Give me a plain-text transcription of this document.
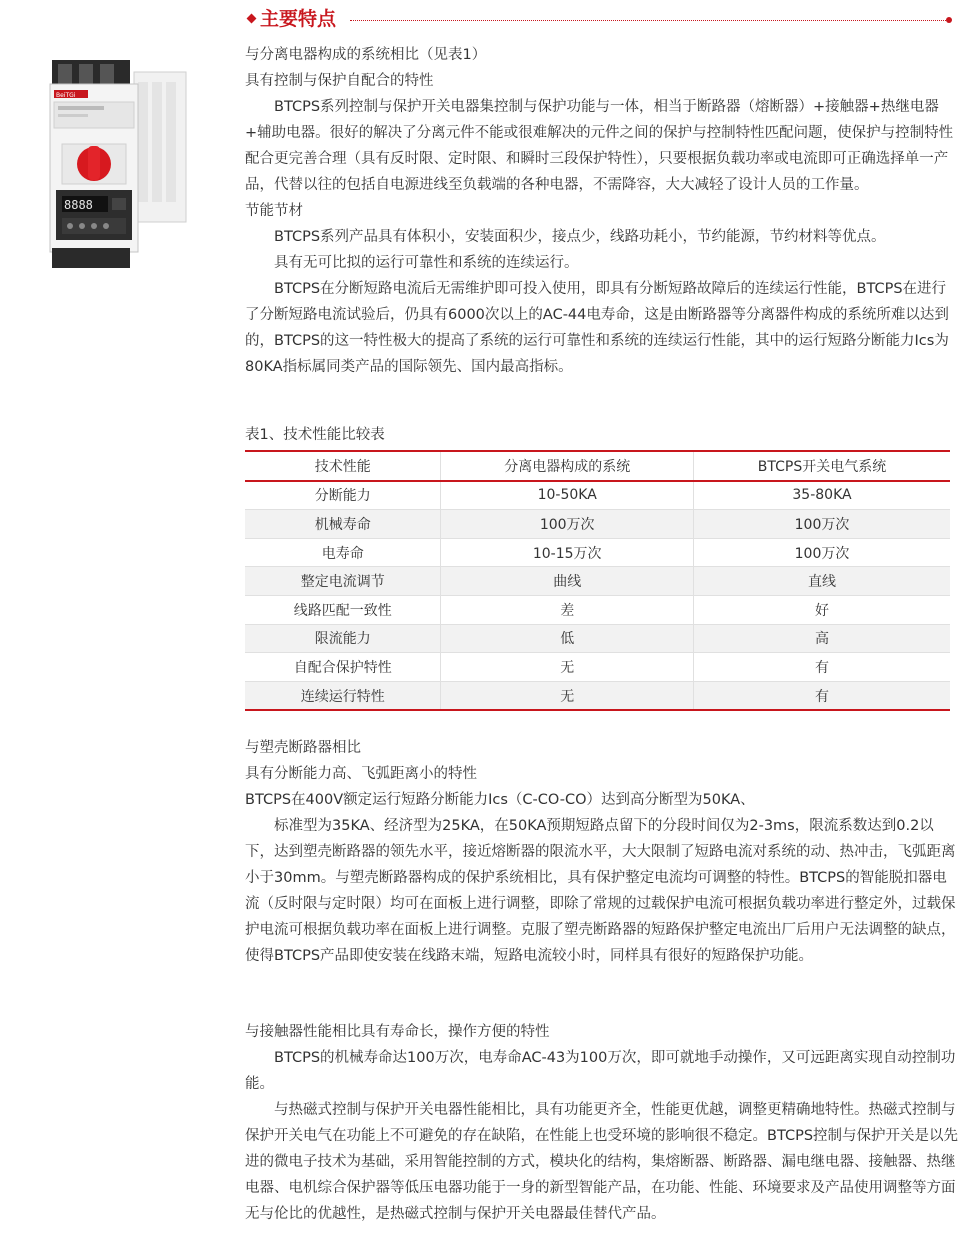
主要特点
BeiTGi
8888

与分离电器构成的系统相比（见表1）

具有控制与保护自配合的特性

BTCPS系列控制与保护开关电器集控制与保护功能与一体，相当于断路器（熔断器）+接触器+热继电器+辅助电器。很好的解决了分离元件不能或很难解决的元件之间的保护与控制特性匹配问题，使保护与控制特性配合更完善合理（具有反时限、定时限、和瞬时三段保护特性），只要根据负载功率或电流即可正确选择单一产品，代替以往的包括自电源进线至负载端的各种电器，不需降容，大大减轻了设计人员的工作量。

节能节材

BTCPS系列产品具有体积小，安装面积少，接点少，线路功耗小，节约能源，节约材料等优点。

具有无可比拟的运行可靠性和系统的连续运行。

BTCPS在分断短路电流后无需维护即可投入使用，即具有分断短路故障后的连续运行性能，BTCPS在进行了分断短路电流试验后，仍具有6000次以上的AC-44电寿命，这是由断路器等分离器件构成的系统所难以达到的，BTCPS的这一特性极大的提高了系统的运行可靠性和系统的连续运行性能，其中的运行短路分断能力Ics为80KA指标属同类产品的国际领先、国内最高指标。

表1、技术性能比较表
技术性能	分离电器构成的系统	BTCPS开关电气系统
分断能力	10-50KA	35-80KA
机械寿命	100万次	100万次
电寿命	10-15万次	100万次
整定电流调节	曲线	直线
线路匹配一致性	差	好
限流能力	低	高
自配合保护特性	无	有
连续运行特性	无	有

与塑壳断路器相比

具有分断能力高、飞弧距离小的特性

BTCPS在400V额定运行短路分断能力Ics（C-CO-CO）达到高分断型为50KA、

标准型为35KA、经济型为25KA，在50KA预期短路点留下的分段时间仅为2-3ms，限流系数达到0.2以下，达到塑壳断路器的领先水平，接近熔断器的限流水平，大大限制了短路电流对系统的动、热冲击，飞弧距离小于30mm。与塑壳断路器构成的保护系统相比，具有保护整定电流均可调整的特性。BTCPS的智能脱扣器电流（反时限与定时限）均可在面板上进行调整，即除了常规的过载保护电流可根据负载功率进行整定外，过载保护电流可根据负载功率在面板上进行调整。克服了塑壳断路器的短路保护整定电流出厂后用户无法调整的缺点，使得BTCPS产品即使安装在线路末端，短路电流较小时，同样具有很好的短路保护功能。

与接触器性能相比具有寿命长，操作方便的特性

BTCPS的机械寿命达100万次，电寿命AC-43为100万次，即可就地手动操作，又可远距离实现自动控制功能。

与热磁式控制与保护开关电器性能相比，具有功能更齐全，性能更优越，调整更精确地特性。热磁式控制与保护开关电气在功能上不可避免的存在缺陷，在性能上也受环境的影响很不稳定。BTCPS控制与保护开关是以先进的微电子技术为基础，采用智能控制的方式，模块化的结构，集熔断器、断路器、漏电继电器、接触器、热继电器、电机综合保护器等低压电器功能于一身的新型智能产品，在功能、性能、环境要求及产品使用调整等方面无与伦比的优越性，是热磁式控制与保护开关电器最佳替代产品。
